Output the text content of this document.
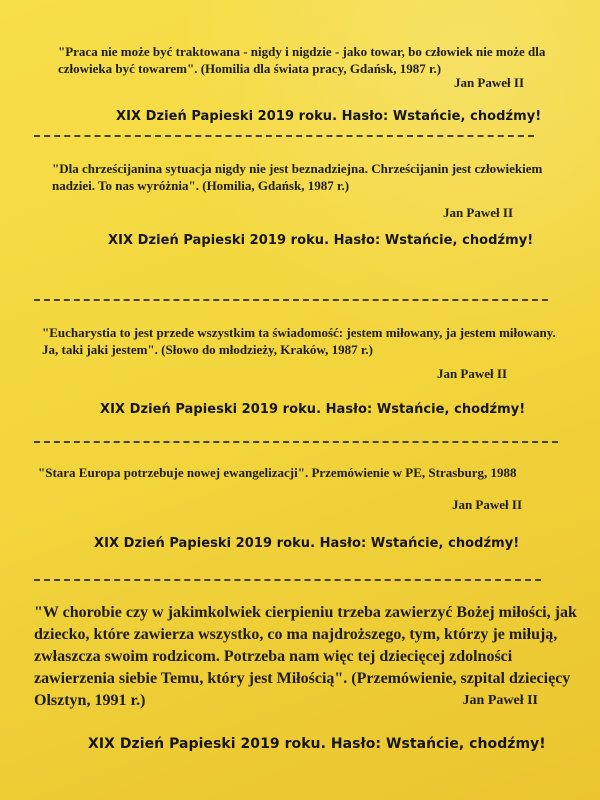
"Praca nie może być traktowana - nigdy i nigdzie - jako towar, bo człowiek nie może dla człowieka być towarem". (Homilia dla świata pracy, Gdańsk, 1987 r.)
Jan Paweł II
XIX Dzień Papieski 2019 roku. Hasło: Wstańcie, chodźmy!
"Dla chrześcijanina sytuacja nigdy nie jest beznadziejna. Chrześcijanin jest człowiekiem nadziei. To nas wyróżnia". (Homilia, Gdańsk, 1987 r.)
Jan Paweł II
XIX Dzień Papieski 2019 roku. Hasło: Wstańcie, chodźmy!
"Eucharystia to jest przede wszystkim ta świadomość: jestem miłowany, ja jestem miłowany. Ja, taki jaki jestem". (Słowo do młodzieży, Kraków, 1987 r.)
Jan Paweł II
XIX Dzień Papieski 2019 roku. Hasło: Wstańcie, chodźmy!
"Stara Europa potrzebuje nowej ewangelizacji". Przemówienie w PE, Strasburg, 1988
Jan Paweł II
XIX Dzień Papieski 2019 roku. Hasło: Wstańcie, chodźmy!
"W chorobie czy w jakimkolwiek cierpieniu trzeba zawierzyć Bożej miłości, jak dziecko, które zawierza wszystko, co ma najdroższego, tym, którzy je miłują, zwłaszcza swoim rodzicom. Potrzeba nam więc tej dziecięcej zdolności zawierzenia siebie Temu, który jest Miłością". (Przemówienie, szpital dziecięcy Olsztyn, 1991 r.)	Jan Paweł II
XIX Dzień Papieski 2019 roku. Hasło: Wstańcie, chodźmy!
